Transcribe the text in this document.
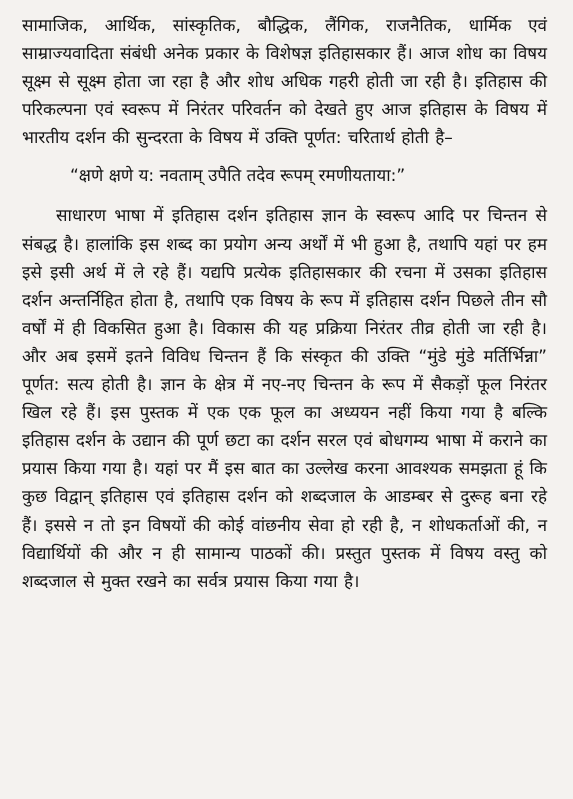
सामाजिक, आर्थिक, सांस्कृतिक, बौद्धिक, लैंगिक, राजनैतिक, धार्मिक एवं साम्राज्यवादिता संबंधी अनेक प्रकार के विशेषज्ञ इतिहासकार हैं। आज शोध का विषय सूक्ष्म से सूक्ष्म होता जा रहा है और शोध अधिक गहरी होती जा रही है। इतिहास की परिकल्पना एवं स्वरूप में निरंतर परिवर्तन को देखते हुए आज इतिहास के विषय में भारतीय दर्शन की सुन्दरता के विषय में उक्ति पूर्णत: चरितार्थ होती है–

“क्षणे क्षणे य: नवताम् उपैति तदेव रूपम् रमणीयताया:”

साधारण भाषा में इतिहास दर्शन इतिहास ज्ञान के स्वरूप आदि पर चिन्तन से संबद्ध है। हालांकि इस शब्द का प्रयोग अन्य अर्थों में भी हुआ है, तथापि यहां पर हम इसे इसी अर्थ में ले रहे हैं। यद्यपि प्रत्येक इतिहासकार की रचना में उसका इतिहास दर्शन अन्तर्निहित होता है, तथापि एक विषय के रूप में इतिहास दर्शन पिछले तीन सौ वर्षों में ही विकसित हुआ है। विकास की यह प्रक्रिया निरंतर तीव्र होती जा रही है। और अब इसमें इतने विविध चिन्तन हैं कि संस्कृत की उक्ति “मुंडे मुंडे मर्तिर्भिन्ना” पूर्णत: सत्य होती है। ज्ञान के क्षेत्र में नए-नए चिन्तन के रूप में सैकड़ों फूल निरंतर खिल रहे हैं। इस पुस्तक में एक एक फूल का अध्ययन नहीं किया गया है बल्कि इतिहास दर्शन के उद्यान की पूर्ण छटा का दर्शन सरल एवं बोधगम्य भाषा में कराने का प्रयास किया गया है। यहां पर मैं इस बात का उल्लेख करना आवश्यक समझता हूं कि कुछ विद्वान् इतिहास एवं इतिहास दर्शन को शब्दजाल के आडम्बर से दुरूह बना रहे हैं। इससे न तो इन विषयों की कोई वांछनीय सेवा हो रही है, न शोधकर्ताओं की, न विद्यार्थियों की और न ही सामान्य पाठकों की। प्रस्तुत पुस्तक में विषय वस्तु को शब्दजाल से मुक्त रखने का सर्वत्र प्रयास किया गया है।
